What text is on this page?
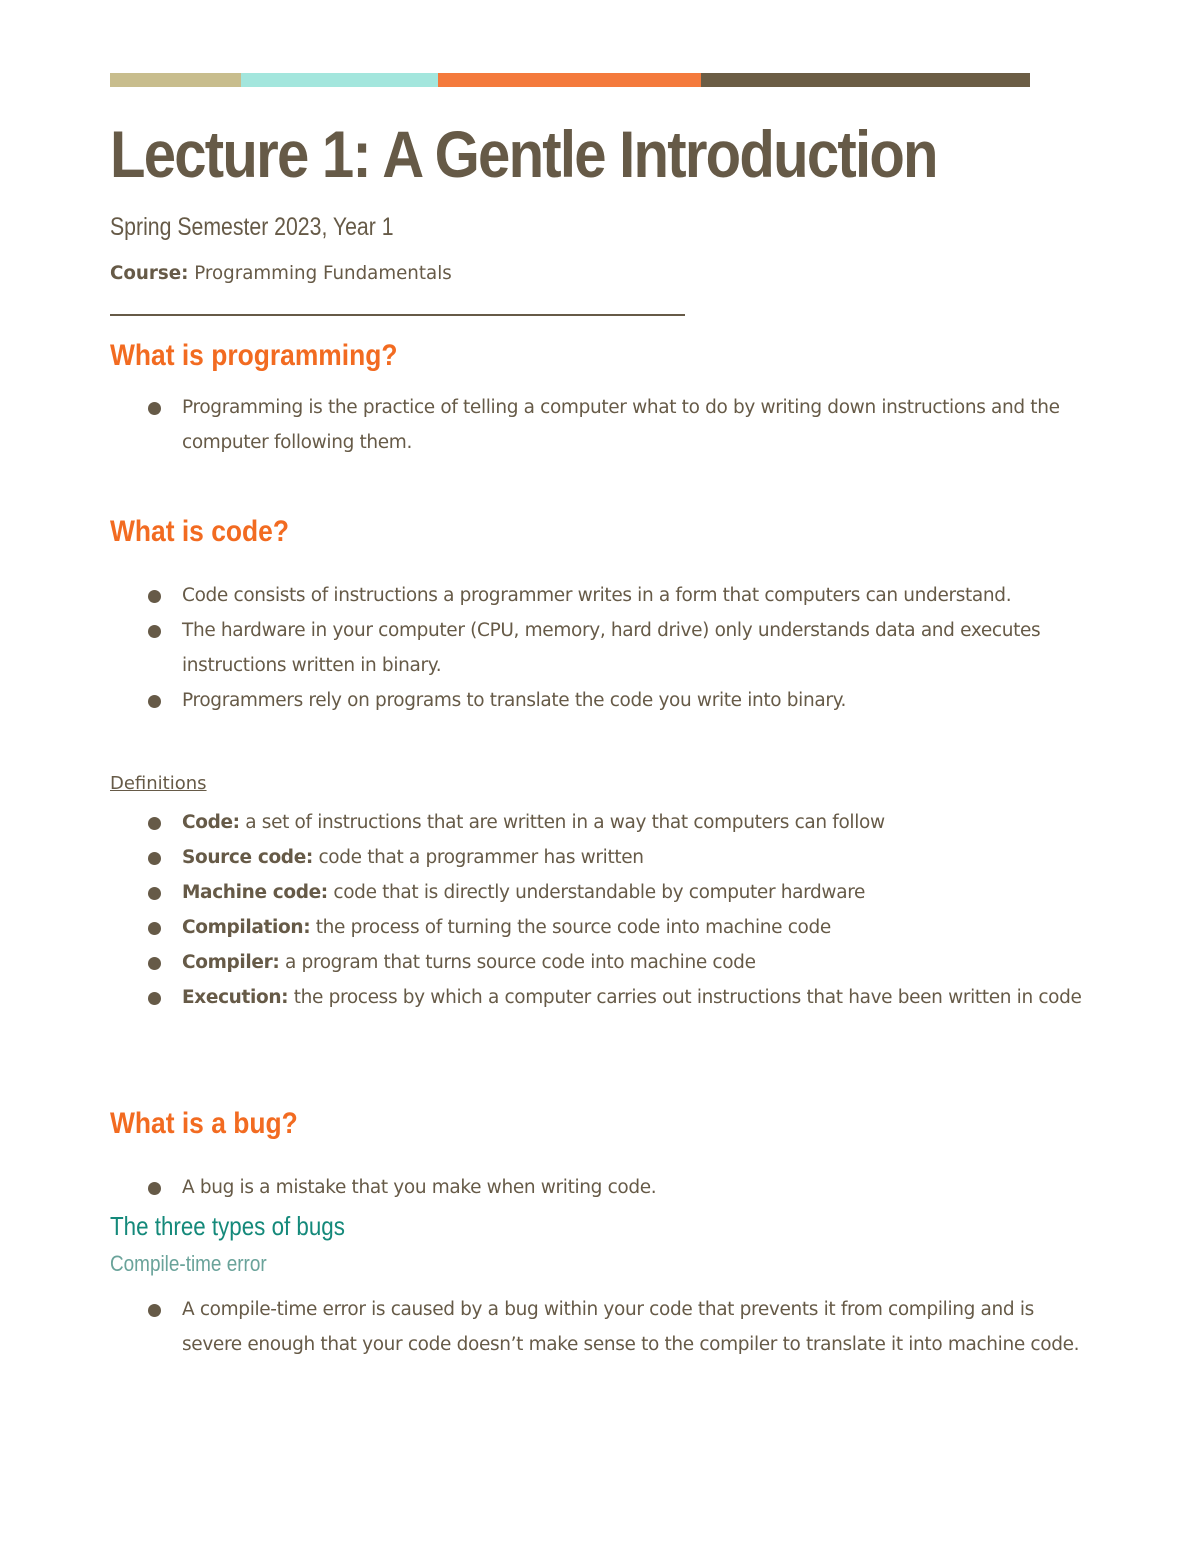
Lecture 1: A Gentle Introduction
Spring Semester 2023, Year 1
Course: Programming Fundamentals
What is programming?
Programming is the practice of telling a computer what to do by writing down instructions and the computer following them.
What is code?
Code consists of instructions a programmer writes in a form that computers can understand.
The hardware in your computer (CPU, memory, hard drive) only understands data and executes instructions written in binary.
Programmers rely on programs to translate the code you write into binary.
Definitions
Code: a set of instructions that are written in a way that computers can follow
Source code: code that a programmer has written
Machine code: code that is directly understandable by computer hardware
Compilation: the process of turning the source code into machine code
Compiler: a program that turns source code into machine code
Execution: the process by which a computer carries out instructions that have been written in code
What is a bug?
A bug is a mistake that you make when writing code.
The three types of bugs
Compile-time error
A compile-time error is caused by a bug within your code that prevents it from compiling and is severe enough that your code doesn’t make sense to the compiler to translate it into machine code.
